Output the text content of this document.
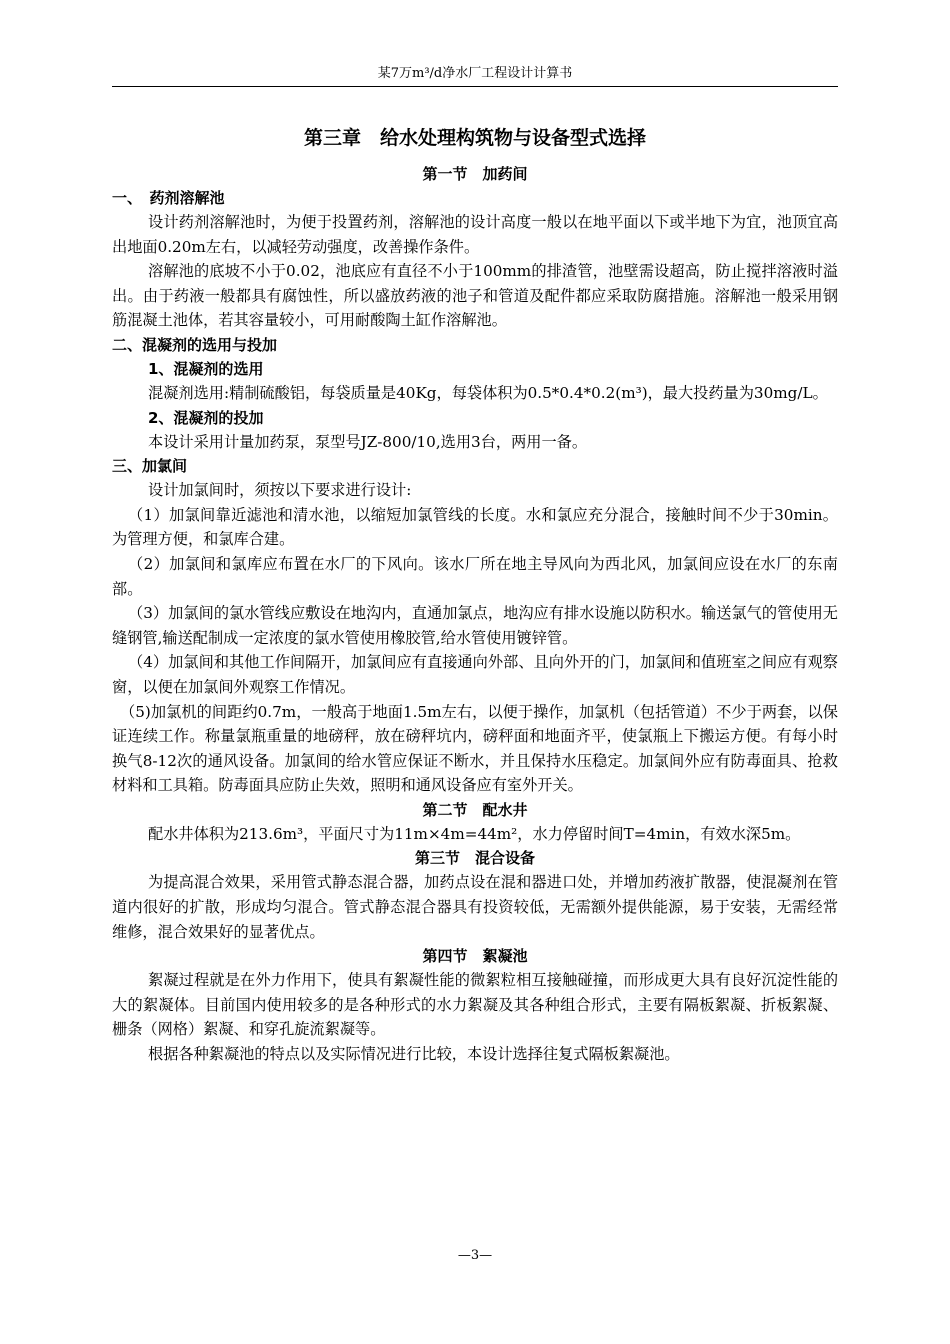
某7万m³/d净水厂工程设计计算书
第三章　给水处理构筑物与设备型式选择
第一节　加药间
一、　药剂溶解池

设计药剂溶解池时，为便于投置药剂，溶解池的设计高度一般以在地平面以下或半地下为宜，池顶宜高出地面0.20m左右，以减轻劳动强度，改善操作条件。

溶解池的底坡不小于0.02，池底应有直径不小于100mm的排渣管，池壁需设超高，防止搅拌溶液时溢出。由于药液一般都具有腐蚀性，所以盛放药液的池子和管道及配件都应采取防腐措施。溶解池一般采用钢筋混凝土池体，若其容量较小，可用耐酸陶土缸作溶解池。

二、混凝剂的选用与投加
1、混凝剂的选用

混凝剂选用:精制硫酸铝，每袋质量是40Kg，每袋体积为0.5*0.4*0.2(m³)，最大投药量为30mg/L。

2、混凝剂的投加

本设计采用计量加药泵，泵型号JZ-800/10,选用3台，两用一备。

三、加氯间

设计加氯间时，须按以下要求进行设计:

（1）加氯间靠近滤池和清水池，以缩短加氯管线的长度。水和氯应充分混合，接触时间不少于30min。为管理方便，和氯库合建。

（2）加氯间和氯库应布置在水厂的下风向。该水厂所在地主导风向为西北风，加氯间应设在水厂的东南部。

（3）加氯间的氯水管线应敷设在地沟内，直通加氯点，地沟应有排水设施以防积水。输送氯气的管使用无缝钢管,输送配制成一定浓度的氯水管使用橡胶管,给水管使用镀锌管。

（4）加氯间和其他工作间隔开，加氯间应有直接通向外部、且向外开的门，加氯间和值班室之间应有观察窗，以便在加氯间外观察工作情况。

（5)加氯机的间距约0.7m，一般高于地面1.5m左右，以便于操作，加氯机（包括管道）不少于两套，以保证连续工作。称量氯瓶重量的地磅秤，放在磅秤坑内，磅秤面和地面齐平，使氯瓶上下搬运方便。有每小时换气8-12次的通风设备。加氯间的给水管应保证不断水，并且保持水压稳定。加氯间外应有防毒面具、抢救材料和工具箱。防毒面具应防止失效，照明和通风设备应有室外开关。

第二节　配水井

配水井体积为213.6m³，平面尺寸为11m×4m=44m²，水力停留时间T=4min，有效水深5m。

第三节　混合设备

为提高混合效果，采用管式静态混合器，加药点设在混和器进口处，并增加药液扩散器，使混凝剂在管道内很好的扩散，形成均匀混合。管式静态混合器具有投资较低，无需额外提供能源，易于安装，无需经常维修，混合效果好的显著优点。

第四节　絮凝池

絮凝过程就是在外力作用下，使具有絮凝性能的微絮粒相互接触碰撞，而形成更大具有良好沉淀性能的大的絮凝体。目前国内使用较多的是各种形式的水力絮凝及其各种组合形式，主要有隔板絮凝、折板絮凝、栅条（网格）絮凝、和穿孔旋流絮凝等。

根据各种絮凝池的特点以及实际情况进行比较，本设计选择往复式隔板絮凝池。

—3—
